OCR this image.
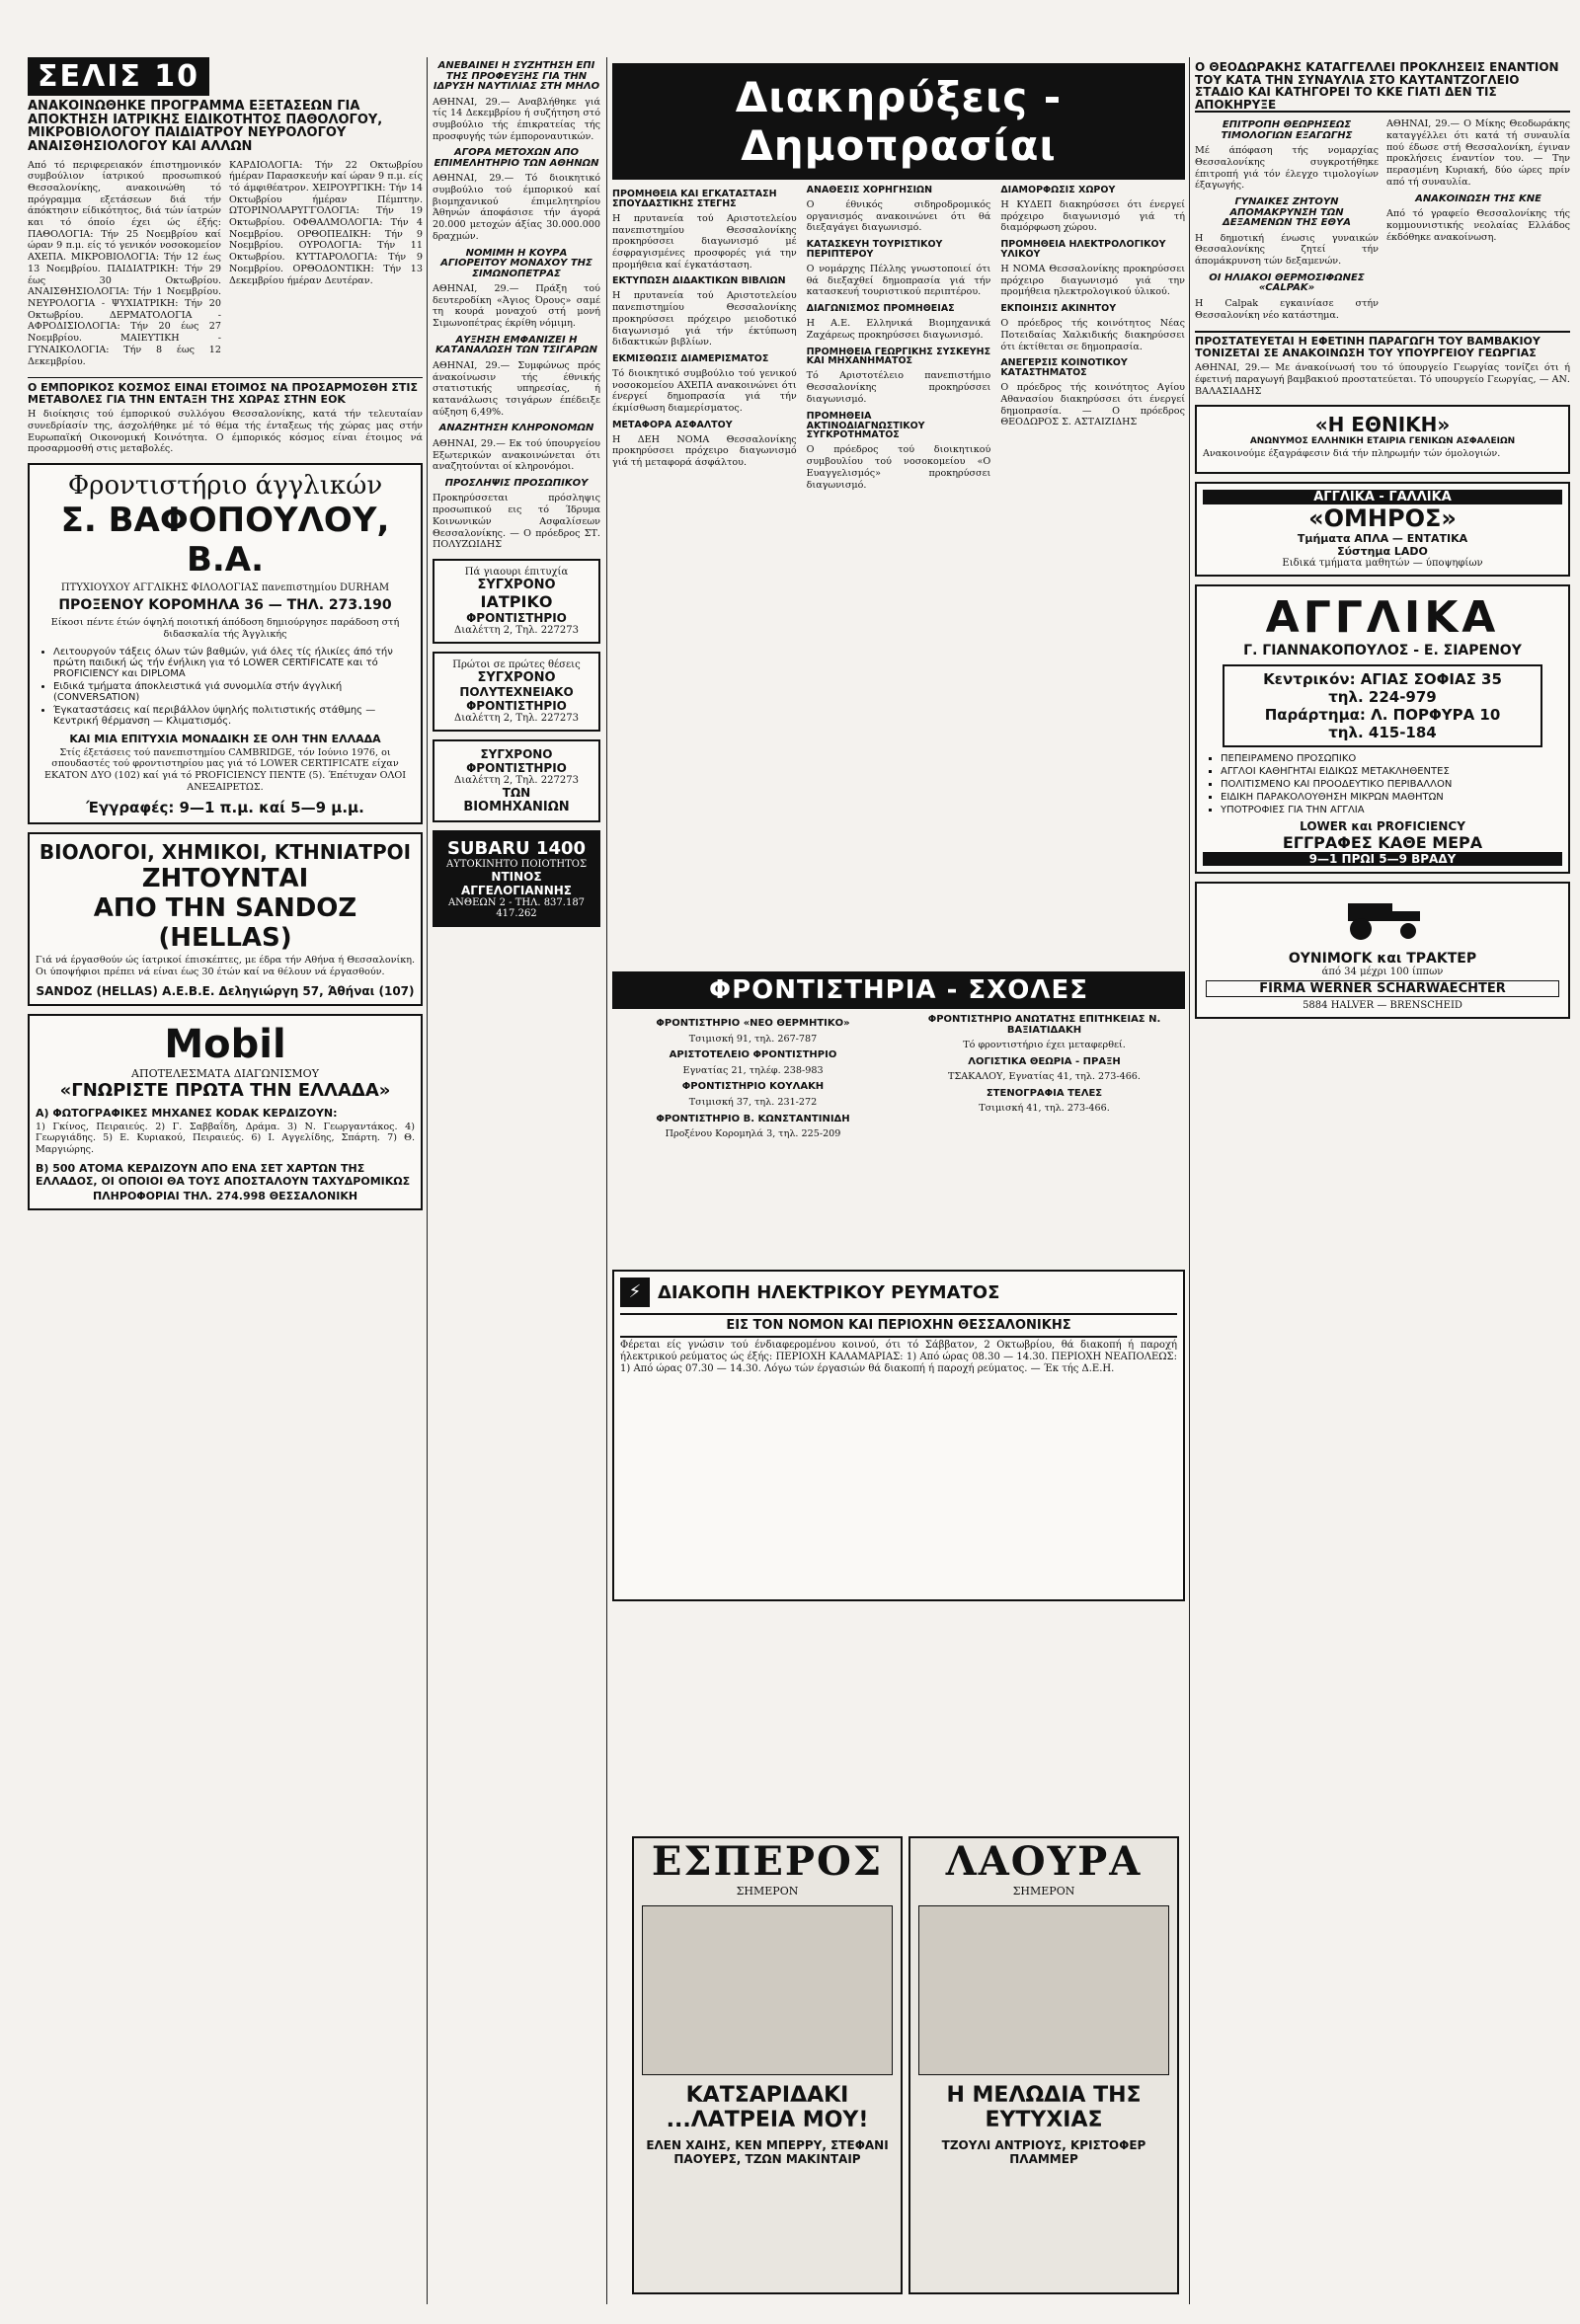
ΣΕΛΙΣ 10
ΑΝΑΚΟΙΝΩΘΗΚΕ ΠΡΟΓΡΑΜΜΑ ΕΞΕΤΑΣΕΩΝ ΓΙΑ ΑΠΟΚΤΗΣΗ ΙΑΤΡΙΚΗΣ ΕΙΔΙΚΟΤΗΤΟΣ ΠΑΘΟΛΟΓΟΥ, ΜΙΚΡΟΒΙΟΛΟΓΟΥ ΠΑΙΔΙΑΤΡΟΥ ΝΕΥΡΟΛΟΓΟΥ ΑΝΑΙΣΘΗΣΙΟΛΟΓΟΥ ΚΑΙ ΑΛΛΩΝ
Από τό περιφερειακόν έπιστημονικόν συμβούλιον ίατρικού προσωπικού Θεσσαλονίκης, ανακοινώθη τό πρόγραμμα εξετάσεων διά τήν άπόκτησιν είδικότητος, διά τών ίατρών και τό όποίο έχει ώς έξής: ΠΑΘΟΛΟΓΙΑ: Τήν 25 Νοεμβρίου καί ώραν 9 π.μ. είς τό γενικόν νοσοκομείον ΑΧΕΠΑ. ΜΙΚΡΟΒΙΟΛΟΓΙΑ: Τήν 12 έως 13 Νοεμβρίου. ΠΑΙΔΙΑΤΡΙΚΗ: Τήν 29 έως 30 Οκτωβρίου. ΑΝΑΙΣΘΗΣΙΟΛΟΓΙΑ: Τήν 1 Νοεμβρίου. ΝΕΥΡΟΛΟΓΙΑ - ΨΥΧΙΑΤΡΙΚΗ: Τήν 20 Οκτωβρίου. ΔΕΡΜΑΤΟΛΟΓΙΑ - ΑΦΡΟΔΙΣΙΟΛΟΓΙΑ: Τήν 20 έως 27 Νοεμβρίου. ΜΑΙΕΥΤΙΚΗ - ΓΥΝΑΙΚΟΛΟΓΙΑ: Τήν 8 έως 12 Δεκεμβρίου.
ΚΑΡΔΙΟΛΟΓΙΑ: Τήν 22 Οκτωβρίου ήμέραν Παρασκευήν καί ώραν 9 π.μ. είς τό άμφιθέατρον. ΧΕΙΡΟΥΡΓΙΚΗ: Τήν 14 Οκτωβρίου ήμέραν Πέμπτην. ΩΤΟΡΙΝΟΛΑΡΥΓΓΟΛΟΓΙΑ: Τήν 19 Οκτωβρίου. ΟΦΘΑΛΜΟΛΟΓΙΑ: Τήν 4 Νοεμβρίου. ΟΡΘΟΠΕΔΙΚΗ: Τήν 9 Νοεμβρίου. ΟΥΡΟΛΟΓΙΑ: Τήν 11 Οκτωβρίου. ΚΥΤΤΑΡΟΛΟΓΙΑ: Τήν 9 Νοεμβρίου. ΟΡΘΟΔΟΝΤΙΚΗ: Τήν 13 Δεκεμβρίου ήμέραν Δευτέραν.
Ο ΕΜΠΟΡΙΚΟΣ ΚΟΣΜΟΣ ΕΙΝΑΙ ΕΤΟΙΜΟΣ ΝΑ ΠΡΟΣΑΡΜΟΣΘΗ ΣΤΙΣ ΜΕΤΑΒΟΛΕΣ ΓΙΑ ΤΗΝ ΕΝΤΑΞΗ ΤΗΣ ΧΩΡΑΣ ΣΤΗΝ ΕΟΚ
Η διοίκησις τού έμπορικού συλλόγου Θεσσαλονίκης, κατά τήν τελευταίαν συνεδρίασίν της, άσχολήθηκε μέ τό θέμα τής ένταξεως τής χώρας μας στήν Ευρωπαϊκή Οικονομική Κοινότητα. Ο έμπορικός κόσμος είναι έτοιμος νά προσαρμοσθή στις μεταβολές.
Φροντιστήριο άγγλικών
Σ. ΒΑΦΟΠΟΥΛΟΥ, Β.Α.
ΠΤΥΧΙΟΥΧΟΥ ΑΓΓΛΙΚΗΣ ΦΙΛΟΛΟΓΙΑΣ πανεπιστημίου DURHAM
ΠΡΟΞΕΝΟΥ ΚΟΡΟΜΗΛΑ 36 — ΤΗΛ. 273.190
Είκοσι πέντε έτών όψηλή ποιοτική άπόδοση δημιούργησε παράδοση στή διδασκαλία τής Άγγλικής
• Λειτουργούν τάξεις όλων τών βαθμών, γιά όλες τίς ήλικίες άπό τήν πρώτη παιδική ώς τήν ένήλικη για τό LOWER CERTIFICATE και τό PROFICIENCY και DIPLOMA
• Ειδικά τμήματα άποκλειστικά γιά συνομιλία στήν άγγλική (CONVERSATION)
• Έγκαταστάσεις καί περιβάλλον ύψηλής πολιτιστικής στάθμης — Κεντρική θέρμανση — Κλιματισμός.
ΚΑΙ ΜΙΑ ΕΠΙΤΥΧΙΑ ΜΟΝΑΔΙΚΗ ΣΕ ΟΛΗ ΤΗΝ ΕΛΛΑΔΑ
Στίς έξετάσεις τού πανεπιστημίου CAMBRIDGE, τόν Ιούνιο 1976, οι σπουδαστές τού φροντιστηρίου μας γιά τό LOWER CERTIFICATE είχαν ΕΚΑΤΟΝ ΔΥΟ (102) καί γιά τό PROFICIENCY ΠΕΝΤΕ (5). Έπέτυχαν ΟΛΟΙ ΑΝΕΞΑΙΡΕΤΩΣ.
Έγγραφές: 9—1 π.μ. καί 5—9 μ.μ.
ΒΙΟΛΟΓΟΙ, ΧΗΜΙΚΟΙ, ΚΤΗΝΙΑΤΡΟΙ
ΖΗΤΟΥΝΤΑΙ
ΑΠΟ ΤΗΝ SANDOZ (HELLAS)
Γιά νά έργασθούν ώς ίατρικοί έπισκέπτες, με έδρα τήν Αθήνα ή Θεσσαλονίκη. Οι ύποψήφιοι πρέπει νά είναι έως 30 έτών καί να θέλουν νά έργασθούν.
SANDOZ (HELLAS) A.E.B.E. Δεληγιώργη 57, Άθήναι (107)
Mobil
ΑΠΟΤΕΛΕΣΜΑΤΑ ΔΙΑΓΩΝΙΣΜΟΥ
«ΓΝΩΡΙΣΤΕ ΠΡΩΤΑ ΤΗΝ ΕΛΛΑΔΑ»
Α) ΦΩΤΟΓΡΑΦΙΚΕΣ ΜΗΧΑΝΕΣ KODAK ΚΕΡΔΙΖΟΥΝ:
1) Γκίνος, Πειραιεύς. 2) Γ. Σαββαΐδη, Δράμα. 3) Ν. Γεωργαντάκος. 4) Γεωργιάδης. 5) Ε. Κυριακού, Πειραιεύς. 6) Ι. Αγγελίδης, Σπάρτη. 7) Θ. Μαργιώρης.
Β) 500 ΑΤΟΜΑ ΚΕΡΔΙΖΟΥΝ ΑΠΟ ΕΝΑ ΣΕΤ ΧΑΡΤΩΝ ΤΗΣ ΕΛΛΑΔΟΣ, ΟΙ ΟΠΟΙΟΙ ΘΑ ΤΟΥΣ ΑΠΟΣΤΑΛΟΥΝ ΤΑΧΥΔΡΟΜΙΚΩΣ
ΠΛΗΡΟΦΟΡΙΑΙ ΤΗΛ. 274.998 ΘΕΣΣΑΛΟΝΙΚΗ
ΑΝΕΒΑΙΝΕΙ Η ΣΥΖΗΤΗΣΗ ΕΠΙ ΤΗΣ ΠΡΟΦΕΥΞΗΣ ΓΙΑ ΤΗΝ ΙΔΡΥΣΗ ΝΑΥΤΙΛΙΑΣ ΣΤΗ ΜΗΛΟ
ΑΘΗΝΑΙ, 29.— Αναβλήθηκε γιά τίς 14 Δεκεμβρίου ή συζήτηση στό συμβούλιο τής έπικρατείας τής προσφυγής τών έμποροναυτικών.
ΑΓΟΡΑ ΜΕΤΟΧΩΝ ΑΠΟ ΕΠΙΜΕΛΗΤΗΡΙΟ ΤΩΝ ΑΘΗΝΩΝ
ΑΘΗΝΑΙ, 29.— Τό διοικητικό συμβούλιο τού έμπορικού καί βιομηχανικού έπιμελητηρίου Άθηνών άποφάσισε τήν άγορά 20.000 μετοχών άξίας 30.000.000 δραχμών.
ΝΟΜΙΜΗ Η ΚΟΥΡΑ ΑΓΙΟΡΕΙΤΟΥ ΜΟΝΑΧΟΥ ΤΗΣ ΣΙΜΩΝΟΠΕΤΡΑΣ
ΑΘΗΝΑΙ, 29.— Πράξη τού δευτεροδίκη «Άγιος Όρους» σαμέ τη κουρά μοναχού στή μονή Σιμωνοπέτρας έκρίθη νόμιμη.
ΑΥΞΗΣΗ ΕΜΦΑΝΙΖΕΙ Η ΚΑΤΑΝΑΛΩΣΗ ΤΩΝ ΤΣΙΓΑΡΩΝ
ΑΘΗΝΑΙ, 29.— Συμφώνως πρός άνακοίνωσιν τής έθνικής στατιστικής υπηρεσίας, ή κατανάλωσις τσιγάρων έπέδειξε αύξηση 6,49%.
ΑΝΑΖΗΤΗΣΗ ΚΛΗΡΟΝΟΜΩΝ
ΑΘΗΝΑΙ, 29.— Εκ τού ύπουργείου Εξωτερικών ανακοινώνεται ότι αναζητούνται οί κληρονόμοι.
ΠΡΟΣΛΗΨΙΣ ΠΡΟΣΩΠΙΚΟΥ
Προκηρύσσεται πρόσληψις προσωπικού εις τό Ίδρυμα Κοινωνικών Ασφαλίσεων Θεσσαλονίκης. — Ο πρόεδρος ΣΤ. ΠΟΛΥΖΩΙΔΗΣ
Πά γιαουρι έπιτυχία
ΣΥΓΧΡΟΝΟ
ΙΑΤΡΙΚΟ
ΦΡΟΝΤΙΣΤΗΡΙΟ
Διαλέττη 2, Τηλ. 227273
Πρώτοι σε πρώτες θέσεις
ΣΥΓΧΡΟΝΟ
ΠΟΛΥΤΕΧΝΕΙΑΚΟ
ΦΡΟΝΤΙΣΤΗΡΙΟ
Διαλέττη 2, Τηλ. 227273
ΣΥΓΧΡΟΝΟ ΦΡΟΝΤΙΣΤΗΡΙΟ
Διαλέττη 2, Τηλ. 227273
ΤΩΝ
ΒΙΟΜΗΧΑΝΙΩΝ
SUBARU 1400
ΑΥΤΟΚΙΝΗΤΟ ΠΟΙΟΤΗΤΟΣ
ΝΤΙΝΟΣ ΑΓΓΕΛΟΓΙΑΝΝΗΣ
ΑΝΘΕΩΝ 2 - ΤΗΛ. 837.187
417.262
Διακηρύξεις - Δημοπρασίαι
ΠΡΟΜΗΘΕΙΑ ΚΑΙ ΕΓΚΑΤΑΣΤΑΣΗ ΣΠΟΥΔΑΣΤΙΚΗΣ ΣΤΕΓΗΣ
Η πρυτανεία τού Αριστοτελείου πανεπιστημίου Θεσσαλονίκης προκηρύσσει διαγωνισμό μέ έσφραγισμένες προσφορές γιά την προμήθεια καί έγκατάσταση.
ΕΚΤΥΠΩΣΗ ΔΙΔΑΚΤΙΚΩΝ ΒΙΒΛΙΩΝ
Η πρυτανεία τού Αριστοτελείου πανεπιστημίου Θεσσαλονίκης προκηρύσσει πρόχειρο μειοδοτικό διαγωνισμό γιά τήν έκτύπωση διδακτικών βιβλίων.
ΕΚΜΙΣΘΩΣΙΣ ΔΙΑΜΕΡΙΣΜΑΤΟΣ
Τό διοικητικό συμβούλιο τού γενικού νοσοκομείου ΑΧΕΠΑ ανακοινώνει ότι ένεργεί δημοπρασία γιά τήν έκμίσθωση διαμερίσματος.
ΜΕΤΑΦΟΡΑ ΑΣΦΑΛΤΟΥ
Η ΔΕΗ ΝΟΜΑ Θεσσαλονίκης προκηρύσσει πρόχειρο διαγωνισμό γιά τή μεταφορά άσφάλτου.
ΑΝΑΘΕΣΙΣ ΧΟΡΗΓΗΣΙΩΝ
Ο έθνικός σιδηροδρομικός οργανισμός ανακοινώνει ότι θά διεξαγάγει διαγωνισμό.
ΚΑΤΑΣΚΕΥΗ ΤΟΥΡΙΣΤΙΚΟΥ ΠΕΡΙΠΤΕΡΟΥ
Ο νομάρχης Πέλλης γνωστοποιεί ότι θά διεξαχθεί δημοπρασία γιά τήν κατασκευή τουριστικού περιπτέρου.
ΔΙΑΓΩΝΙΣΜΟΣ ΠΡΟΜΗΘΕΙΑΣ
Η Α.Ε. Ελληνικά Βιομηχανικά Ζαχάρεως προκηρύσσει διαγωνισμό.
ΠΡΟΜΗΘΕΙΑ ΓΕΩΡΓΙΚΗΣ ΣΥΣΚΕΥΗΣ ΚΑΙ ΜΗΧΑΝΗΜΑΤΟΣ
Τό Αριστοτέλειο πανεπιστήμιο Θεσσαλονίκης προκηρύσσει διαγωνισμό.
ΠΡΟΜΗΘΕΙΑ ΑΚΤΙΝΟΔΙΑΓΝΩΣΤΙΚΟΥ ΣΥΓΚΡΟΤΗΜΑΤΟΣ
Ο πρόεδρος τού διοικητικού συμβουλίου τού νοσοκομείου «Ο Ευαγγελισμός» προκηρύσσει διαγωνισμό.
ΔΙΑΜΟΡΦΩΣΙΣ ΧΩΡΟΥ
Η ΚΥΔΕΠ διακηρύσσει ότι ένεργεί πρόχειρο διαγωνισμό γιά τή διαμόρφωση χώρου.
ΠΡΟΜΗΘΕΙΑ ΗΛΕΚΤΡΟΛΟΓΙΚΟΥ ΥΛΙΚΟΥ
Η ΝΟΜΑ Θεσσαλονίκης προκηρύσσει πρόχειρο διαγωνισμό γιά την προμήθεια ηλεκτρολογικού ύλικού.
ΕΚΠΟΙΗΣΙΣ ΑΚΙΝΗΤΟΥ
Ο πρόεδρος τής κοινότητος Νέας Ποτειδαίας Χαλκιδικής διακηρύσσει ότι έκτίθεται σε δημοπρασία.
ΑΝΕΓΕΡΣΙΣ ΚΟΙΝΟΤΙΚΟΥ ΚΑΤΑΣΤΗΜΑΤΟΣ
Ο πρόεδρος τής κοινότητος Αγίου Αθανασίου διακηρύσσει ότι ένεργεί δημοπρασία. — Ο πρόεδρος ΘΕΟΔΩΡΟΣ Σ. ΑΣΤΑΙΖΙΔΗΣ
ΦΡΟΝΤΙΣΤΗΡΙΑ - ΣΧΟΛΕΣ
ΦΡΟΝΤΙΣΤΗΡΙΟ «ΝΕΟ ΘΕΡΜΗΤΙΚΟ»
Τσιμισκή 91, τηλ. 267-787
ΑΡΙΣΤΟΤΕΛΕΙΟ ΦΡΟΝΤΙΣΤΗΡΙΟ
Εγνατίας 21, τηλέφ. 238-983
ΦΡΟΝΤΙΣΤΗΡΙΟ ΚΟΥΛΑΚΗ
Τσιμισκή 37, τηλ. 231-272
ΦΡΟΝΤΙΣΤΗΡΙΟ Β. ΚΩΝΣΤΑΝΤΙΝΙΔΗ
Προξένου Κορομηλά 3, τηλ. 225-209
ΦΡΟΝΤΙΣΤΗΡΙΟ ΑΝΩΤΑΤΗΣ ΕΠΙΤΗΚΕΙΑΣ Ν. ΒΑΞΙΑΤΙΔΑΚΗ
Τό φροντιστήριο έχει μεταφερθεί.
ΛΟΓΙΣΤΙΚΑ ΘΕΩΡΙΑ - ΠΡΑΞΗ
ΤΣΑΚΑΛΟΥ, Εγνατίας 41, τηλ. 273-466.
ΣΤΕΝΟΓΡΑΦΙΑ ΤΕΛΕΣ
Τσιμισκή 41, τηλ. 273-466.
⚡ ΔΙΑΚΟΠΗ ΗΛΕΚΤΡΙΚΟΥ ΡΕΥΜΑΤΟΣ
ΕΙΣ ΤΟΝ ΝΟΜΟΝ ΚΑΙ ΠΕΡΙΟΧΗΝ ΘΕΣΣΑΛΟΝΙΚΗΣ
Φέρεται είς γνώσιν τού ένδιαφερομένου κοινού, ότι τό Σάββατον, 2 Οκτωβρίου, θά διακοπή ή παροχή ήλεκτρικού ρεύματος ώς έξής: ΠΕΡΙΟΧΗ ΚΑΛΑΜΑΡΙΑΣ: 1) Από ώρας 08.30 — 14.30. ΠΕΡΙΟΧΗ ΝΕΑΠΟΛΕΩΣ: 1) Από ώρας 07.30 — 14.30. Λόγω τών έργασιών θά διακοπή ή παροχή ρεύματος. — Έκ τής Δ.Ε.Η.
ΕΣΠΕΡΟΣ
ΣΗΜΕΡΟΝ
ΚΑΤΣΑΡΙΔΑΚΙ ...ΛΑΤΡΕΙΑ ΜΟΥ!
ΕΛΕΝ ΧΑΙΗΣ, ΚΕΝ ΜΠΕΡΡΥ, ΣΤΕΦΑΝΙ ΠΑΟΥΕΡΣ, ΤΖΩΝ ΜΑΚΙΝΤΑΙΡ
ΛΑΟΥΡΑ
ΣΗΜΕΡΟΝ
Η ΜΕΛΩΔΙΑ ΤΗΣ ΕΥΤΥΧΙΑΣ
ΤΖΟΥΛΙ ΑΝΤΡΙΟΥΣ, ΚΡΙΣΤΟΦΕΡ ΠΛΑΜΜΕΡ
Ο ΘΕΟΔΩΡΑΚΗΣ ΚΑΤΑΓΓΕΛΛΕΙ ΠΡΟΚΛΗΣΕΙΣ ΕΝΑΝΤΙΟΝ ΤΟΥ ΚΑΤΑ ΤΗΝ ΣΥΝΑΥΛΙΑ ΣΤΟ ΚΑΥΤΑΝΤΖΟΓΛΕΙΟ ΣΤΑΔΙΟ ΚΑΙ ΚΑΤΗΓΟΡΕΙ ΤΟ ΚΚΕ ΓΙΑΤΙ ΔΕΝ ΤΙΣ ΑΠΟΚΗΡΥΞΕ
ΕΠΙΤΡΟΠΗ ΘΕΩΡΗΣΕΩΣ ΤΙΜΟΛΟΓΙΩΝ ΕΞΑΓΩΓΗΣ
Μέ άπόφαση τής νομαρχίας Θεσσαλονίκης συγκροτήθηκε έπιτροπή γιά τόν έλεγχο τιμολογίων έξαγωγής.
ΓΥΝΑΙΚΕΣ ΖΗΤΟΥΝ ΑΠΟΜΑΚΡΥΝΣΗ ΤΩΝ ΔΕΞΑΜΕΝΩΝ ΤΗΣ ΕΘΥΑ
Η δημοτική ένωσις γυναικών Θεσσαλονίκης ζητεί τήν άπομάκρυνση τών δεξαμενών.
ΟΙ ΗΛΙΑΚΟΙ ΘΕΡΜΟΣΙΦΩΝΕΣ «CALPAK»
Η Calpak εγκαινίασε στήν Θεσσαλονίκη νέο κατάστημα.
ΑΘΗΝΑΙ, 29.— Ο Μίκης Θεοδωράκης καταγγέλλει ότι κατά τή συναυλία πού έδωσε στή Θεσσαλονίκη, έγιναν προκλήσεις έναντίον του. — Την περασμένη Κυριακή, δύο ώρες πρίν από τή συναυλία.
ΑΝΑΚΟΙΝΩΣΗ ΤΗΣ ΚΝΕ
Από τό γραφείο Θεσσαλονίκης τής κομμουνιστικής νεολαίας Ελλάδος έκδόθηκε ανακοίνωση.
ΠΡΟΣΤΑΤΕΥΕΤΑΙ Η ΕΦΕΤΙΝΗ ΠΑΡΑΓΩΓΗ ΤΟΥ ΒΑΜΒΑΚΙΟΥ ΤΟΝΙΖΕΤΑΙ ΣΕ ΑΝΑΚΟΙΝΩΣΗ ΤΟΥ ΥΠΟΥΡΓΕΙΟΥ ΓΕΩΡΓΙΑΣ
ΑΘΗΝΑΙ, 29.— Με άνακοίνωσή του τό ύπουργείο Γεωργίας τονίζει ότι ή έφετινή παραγωγή βαμβακιού προστατεύεται. Τό υπουργείο Γεωργίας, — ΑΝ. ΒΑΛΑΣΙΑΔΗΣ
«Η ΕΘΝΙΚΗ»
ΑΝΩΝΥΜΟΣ ΕΛΛΗΝΙΚΗ ΕΤΑΙΡΙΑ ΓΕΝΙΚΩΝ ΑΣΦΑΛΕΙΩΝ
Ανακοινούμε έξαγράφεσιν διά τήν πληρωμήν τών όμολογιών.
ΑΓΓΛΙΚΑ - ΓΑΛΛΙΚΑ
«ΟΜΗΡΟΣ»
Τμήματα ΑΠΛΑ — ΕΝΤΑΤΙΚΑ
Σύστημα LADO
Ειδικά τμήματα μαθητών — ύποψηφίων
ΑΓΓΛΙΚΑ
Γ. ΓΙΑΝΝΑΚΟΠΟΥΛΟΣ - Ε. ΣΙΑΡΕΝΟΥ
Κεντρικόν: ΑΓΙΑΣ ΣΟΦΙΑΣ 35
τηλ. 224-979
Παράρτημα: Λ. ΠΟΡΦΥΡΑ 10
τηλ. 415-184
▪ ΠΕΠΕΙΡΑΜΕΝΟ ΠΡΟΣΩΠΙΚΟ
▪ ΑΓΓΛΟΙ ΚΑΘΗΓΗΤΑΙ ΕΙΔΙΚΩΣ ΜΕΤΑΚΛΗΘΕΝΤΕΣ
▪ ΠΟΛΙΤΙΣΜΕΝΟ ΚΑΙ ΠΡΟΟΔΕΥΤΙΚΟ ΠΕΡΙΒΑΛΛΟΝ
▪ ΕΙΔΙΚΗ ΠΑΡΑΚΟΛΟΥΘΗΣΗ ΜΙΚΡΩΝ ΜΑΘΗΤΩΝ
▪ ΥΠΟΤΡΟΦΙΕΣ ΓΙΑ ΤΗΝ ΑΓΓΛΙΑ
LOWER και PROFICIENCY
ΕΓΓΡΑΦΕΣ ΚΑΘΕ ΜΕΡΑ
9—1 ΠΡΩΙ 5—9 ΒΡΑΔΥ
ΟΥΝΙΜΟΓΚ και ΤΡΑΚΤΕΡ
άπό 34 μέχρι 100 ίππων
FIRMA WERNER SCHARWAECHTER
5884 HALVER — BRENSCHEID
